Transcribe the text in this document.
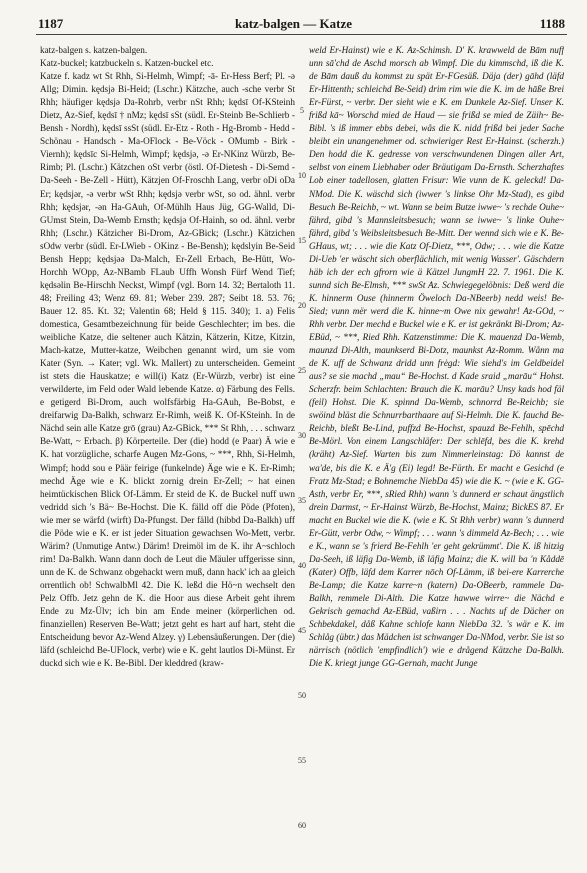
1187	katz-balgen — Katze	1188

katz-balgen s. katzen-balgen.

Katz-buckel; katzbuckeln s. Katzen-buckel etc.

Katze f. kadz wt St Rhh, Si-Helmh, Wimpf; -ā- Er-Hess Berf; Pl. -ə Allg; Dimin. kędsjə Bi-Heid; (Lschr.) Kätzche, auch -sche verbr St Rhh; häufiger kędsjə Da-Rohrb, verbr nSt Rhh; kędsī Of-KSteinh Dietz, Az-Sief, kędsī † nMz; kędsī sSt (südl. Er-Steinb Be-Schlierb - Bensh - Nordh), kędsī ssSt (südl. Er-Etz - Roth - Hg-Bromb - Hedd - Schönau - Handsch - Ma-OFlock - Be-Vöck - OMumb - Birk - Viernh); kędsīc Si-Helmh, Wimpf; kędsjə, -ə Er-NKinz Würzb, Be-Rimb; Pl. (Lschr.) Kätzchen oSt verbr (östl. Of-Dietesh - Di-Semd - Da-Seeh - Be-Zell - Hütt), Kätzjen Of-Froschh Lang, verbr oDi oDa Er; kędsjər, -ə verbr wSt Rhh; kędsjə verbr wSt, so od. ähnl. verbr Rhh; kędsjər, -ən Ha-GAuh, Of-Mühlh Haus Jüg, GG-Walld, Di-GUmst Stein, Da-Wemb Ernsth; kędsjə Of-Hainh, so od. ähnl. verbr Rhh; (Lschr.) Kätzicher Bi-Drom, Az-GBick; (Lschr.) Kätzichen sOdw verbr (südl. Er-LWieb - OKinz - Be-Bensh); kędslyin Be-Seid Bensh Hepp; kędsjəə Da-Malch, Er-Zell Erbach, Be-Hütt, Wo-Horchh WOpp, Az-NBamb FLaub Uffh Wonsh Fürf Wend Tief; kędsəlin Be-Hirschh Neckst, Wimpf (vgl. Born 14. 32; Bertaloth 11. 48; Freiling 43; Wenz 69. 81; Weber 239. 287; Seibt 18. 53. 76; Bauer 12. 85. Kt. 32; Valentin 68; Held § 115. 340); 1. a) Felis domestica, Gesamtbezeichnung für beide Geschlechter; im bes. die weibliche Katze, die seltener auch Kätzin, Kätzerin, Kitze, Kitzin, Mach-katze, Mutter-katze, Weibchen genannt wird, um sie vom Kater (Syn. → Kater; vgl. Wk. Mallert) zu unterscheiden. Gemeint ist stets die Hauskatze; e will(i) Katz (Er-Würzb, verbr) ist eine verwilderte, im Feld oder Wald lebende Katze. α) Färbung des Fells. e getigerd Bi-Drom, auch wolfsfärbig Ha-GAuh, Be-Bobst, e dreifarwig Da-Balkh, schwarz Er-Rimh, weiß K. Of-KSteinh. In de Nächd sein alle Katze grō (grau) Az-GBick, *** St Rhh, . . . schwarz Be-Watt, ~ Erbach. β) Körperteile. Der (die) hodd (e Paar) Ä wie e K. hat vorzügliche, scharfe Augen Mz-Gons, ~ ***, Rhh, Si-Helmh, Wimpf; hodd sou e Päär feirige (funkelnde) Äge wie e K. Er-Rimh; mechd Äge wie e K. blickt zornig drein Er-Zell; ~ hat einen heimtückischen Blick Of-Lämm. Er steid de K. de Buckel nuff uwn vedridd sich 's Bä~ Be-Hochst. Die K. fälld off die Pöde (Pfoten), wie mer se wärfd (wirft) Da-Pfungst. Der fälld (hibbd Da-Balkh) uff die Pöde wie e K. er ist jeder Situation gewachsen Wo-Mett, verbr. Wärim? (Unmutige Antw.) Därim! Dreimöl im de K. ihr A~schloch rim! Da-Balkh. Wann dann doch de Leut die Mäuler uffgerisse sinn, unn de K. de Schwanz obgehackt wern muß, dann hack' ich aa gleich orrentlich ob! SchwalbMl 42. Die K. leßd die Hö~n wechselt den Pelz Offb. Jetz gehn de K. die Hoor aus diese Arbeit geht ihrem Ende zu Mz-Ülv; ich bin am Ende meiner (körperlichen od. finanziellen) Reserven Be-Watt; jetzt geht es hart auf hart, steht die Entscheidung bevor Az-Wend Alzey. γ) Lebensäußerungen. Der (die) läfd (schleichd Be-UFlock, verbr) wie e K. geht lautlos Di-Münst. Er duckd sich wie e K. Be-Bibl. Der kleddred (kraw-

5
10
15
20
25
30
35
40
45
50
55
60

weld Er-Hainst) wie e K. Az-Schimsh. D' K. krawweld de Bām nuff unn sā'chd de Aschd morsch ab Wimpf. Die du kimmschd, iß die K. de Bām dauß du kommst zu spät Er-FGesäß. Däja (der) gāhd (läfd Er-Hittenth; schleichd Be-Seid) drim rim wie die K. im de hāße Brei Er-Fürst, ~ verbr. Der sieht wie e K. em Dunkele Az-Sief. Unser K. frißd kā~ Worschd mied de Haud — sie frißd se mied de Zäih~ Be-Bibl. 's iß immer ebbs debei, wås die K. nidd frißd bei jeder Sache bleibt ein unangenehmer od. schwieriger Rest Er-Hainst. (scherzh.) Den hodd die K. gedresse von verschwundenen Dingen aller Art, selbst von einem Liebhaber oder Bräutigam Da-Ernsth. Scherzhaftes Lob einer tadellosen, glatten Frisur: Wie vunn de K. geleckd! Da-NMod. Die K. wäschd sich (iwwer 's linkse Ohr Mz-Stad), es gibd Besuch Be-Reichb, ~ wt. Wann se beim Butze iwwe~ 's rechde Ouhe~ fährd, gibd 's Mannsleitsbesuch; wann se iwwe~ 's linke Ouhe~ fährd, gibd 's Weibsleitsbesuch Be-Mitt. Der wennd sich wie e K. Be-GHaus, wt; . . . wie die Katz Of-Dietz, ***, Odw; . . . wie die Katze Di-Ueb 'er wäscht sich oberflächlich, mit wenig Wasser'. Gäschdern häb ich der ech gfrorn wie ä Kätzel JungmH 22. 7. 1961. Die K. sunnd sich Be-Elmsh, *** swSt Az. Schwiegegelöbnis: Deß werd die K. hinnerm Ouse (hinnerm Öweloch Da-NBeerb) nedd weis! Be-Sied; vunn mër werd die K. hinne~m Owe nix gewahr! Az-GOd, ~ Rhh verbr. Der mechd e Buckel wie e K. er ist gekränkt Bi-Drom; Az-EBüd, ~ ***, Ried Rhh. Katzenstimme: Die K. mauenzd Da-Wemb, maunzd Di-Alth, maunkserd Bi-Dotz, maunkst Az-Romm. Wånn ma de K. uff de Schwanz dridd unn frėgd: Wie siehd's im Geldbeidel aus? se sie machd „mau“ Be-Hochst. d Kade sraid „marāu“ Hohst. Scherzfr. beim Schlachten: Brauch die K. marāu? Unsy kads hod fäl (feil) Hohst. Die K. spinnd Da-Wemb, schnorrd Be-Reichb; sie swöind bläst die Schnurrbarthaare auf Si-Helmh. Die K. fauchd Be-Reichb, bleßt Be-Lind, puffzd Be-Hochst, spauzd Be-Fehlh, spēchd Be-Mörl. Von einem Langschläfer: Der schlēfd, bes die K. krehd (kräht) Az-Sief. Warten bis zum Nimmerleinstag: Dö kannst de wa'de, bis die K. e Ä'g (Ei) legd! Be-Fürth. Er macht e Gesichd (e Fratz Mz-Stad; e Bohnemche NiebDa 45) wie die K. ~ (wie e K. GG-Asth, verbr Er, ***, sRied Rhh) wann 's dunnerd er schaut ängstlich drein Darmst, ~ Er-Hainst Würzb, Be-Hochst, Mainz; BickES 87. Er macht en Buckel wie die K. (wie e K. St Rhh verbr) wann 's dunnerd Er-Gütt, verbr Odw, ~ Wimpf; . . . wann 's dimmeld Az-Bech; . . . wie e K., wann se 's frierd Be-Fehlh 'er geht gekrümmt'. Die K. iß hitzig Da-Seeh, iß läfig Da-Wemb, iß läfig Mainz; die K. will ba 'n Kåddē (Kater) Offb, läfd dem Karrer nōch Of-Lämm, iß bei-ere Karrerche Be-Lamp; die Katze karre~n (katern) Da-OBeerb, rammele Da-Balkh, remmele Di-Alth. Die Katze hawwe wirre~ die Nächd e Gekrisch gemachd Az-EBüd, vaßirn . . . Nachts uf de Dächer on Schbekdakel, dåß Kahne schlofe kann NiebDa 32. 's wär e K. im Schlåg (übtr.) das Mädchen ist schwanger Da-NMod, verbr. Sie ist so närrisch (nötlich 'empfindlich') wie e drågend Kätzche Da-Balkh. Die K. kriegt junge GG-Gernah, macht Junge
